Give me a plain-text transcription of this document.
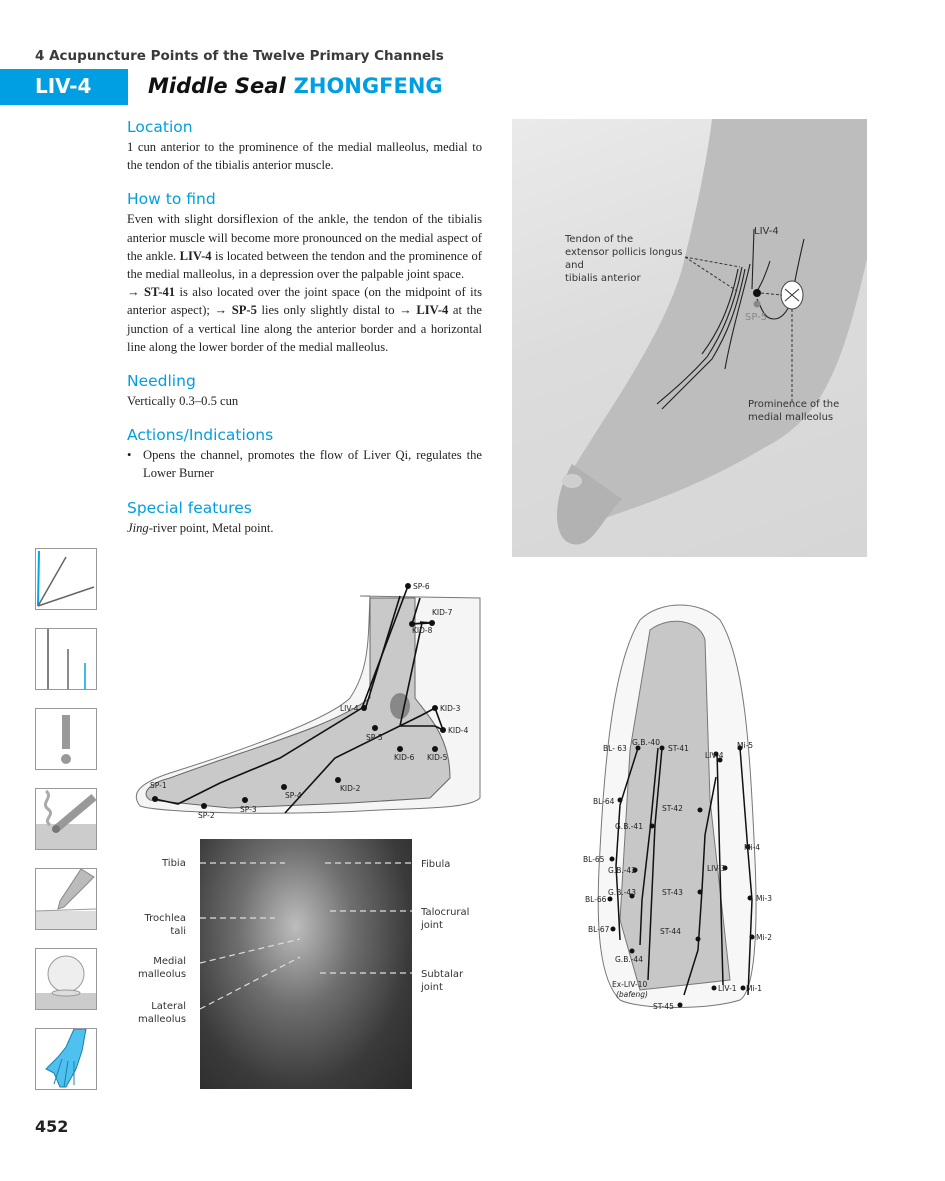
4 Acupuncture Points of the Twelve Primary Channels
LIV-4	Middle Seal ZHONGFENG
Location

1 cun anterior to the prominence of the medial malleolus, medial to the tendon of the tibialis anterior muscle.

How to find

Even with slight dorsiflexion of the ankle, the tendon of the tibialis anterior muscle will become more pronounced on the medial aspect of the ankle. LIV-4 is located between the tendon and the prominence of the medial malleolus, in a depression over the palpable joint space.

→ ST-41 is also located over the joint space (on the midpoint of its anterior aspect); → SP-5 lies only slightly distal to → LIV-4 at the junction of a vertical line along the anterior border and a horizontal line along the lower border of the medial malleolus.

Needling

Vertically 0.3–0.5 cun

Actions/Indications
• Opens the channel, promotes the flow of Liver Qi, regulates the Lower Burner
Special features

Jing-river point, Metal point.

Tendon of the
extensor pollicis longus
and
tibialis anterior
LIV-4
SP-5
Prominence of the
medial malleolus
SP-6
KID-7
KID-8
LIV-4	KID-3
KID-4
SP-5
KID-6 KID-5
SP-1	KID-2
SP-4
SP-3
SP-2
Tibia
Trochlea
tali
Medial
malleolus
Lateral
malleolus
Fibula
Talocrural
joint
Subtalar
joint
BL- 63
G.B.-40
ST-41
LIV-4
Mi-5
BL-64
ST-42
G.B.-41
Mi-4
BL-65
G.B.-42	LIV-3
BL-66
G.B.-43	ST-43
Mi-3
BL-67	ST-44
Mi-2
G.B.-44
Ex-LIV-10
(bafeng)
LIV-1 Mi-1
ST-45
452
